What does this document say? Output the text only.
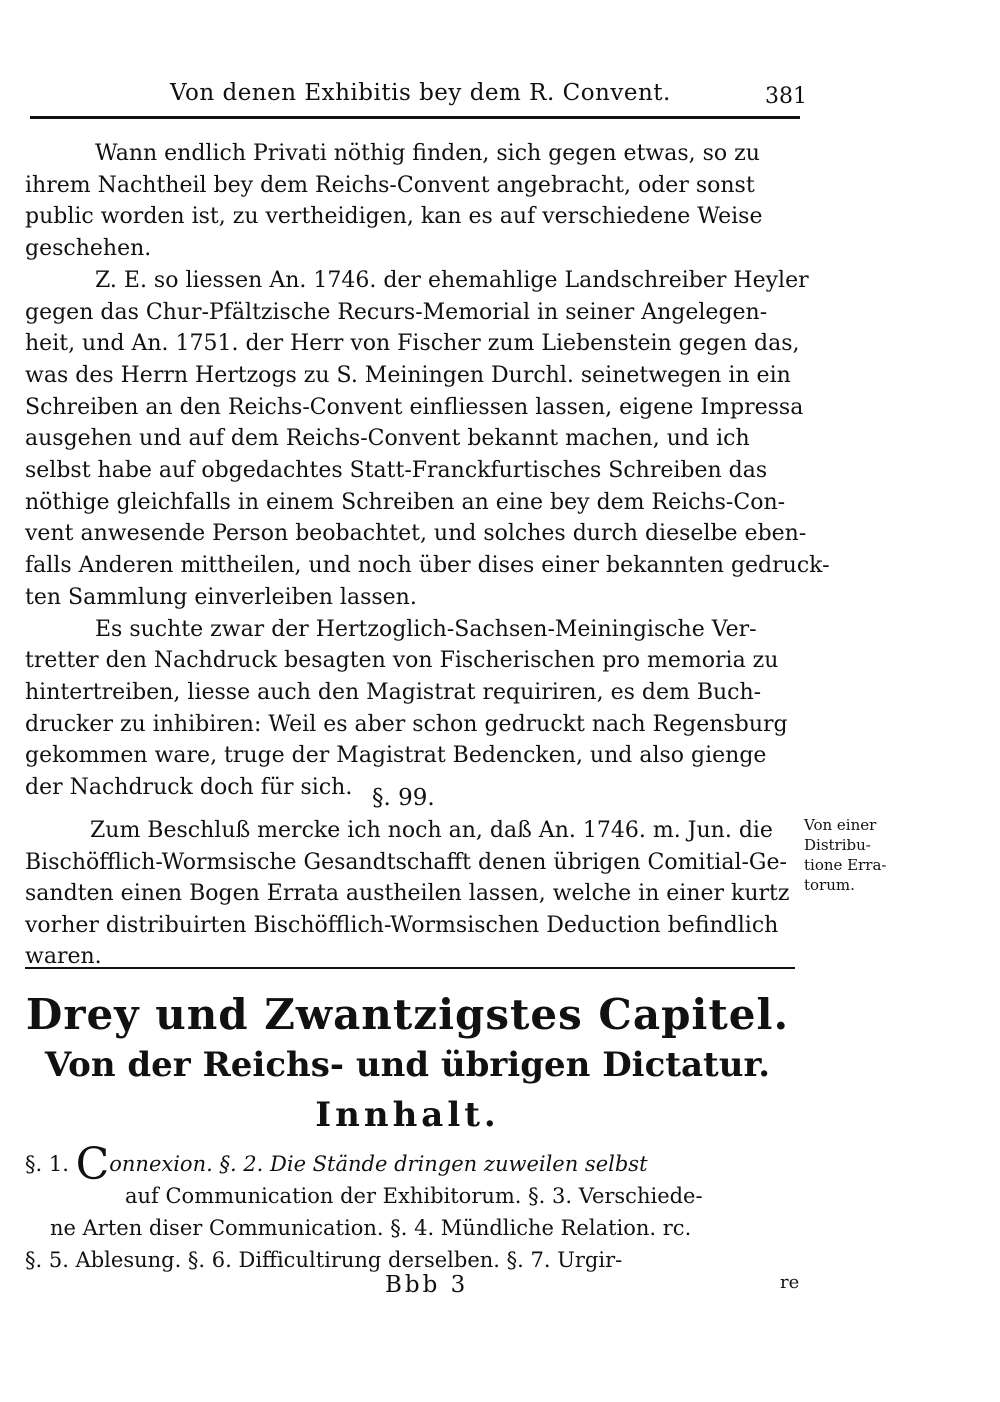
Von denen Exhibitis bey dem R. Convent.	381
Wann endlich Privati nöthig finden, sich gegen etwas, so zu
ihrem Nachtheil bey dem Reichs-Convent angebracht, oder sonst
public worden ist, zu vertheidigen, kan es auf verschiedene Weise
geschehen.
Z. E. so liessen An. 1746. der ehemahlige Landschreiber Heyler
gegen das Chur-Pfältzische Recurs-Memorial in seiner Angelegen-
heit, und An. 1751. der Herr von Fischer zum Liebenstein gegen das,
was des Herrn Hertzogs zu S. Meiningen Durchl. seinetwegen in ein
Schreiben an den Reichs-Convent einfliessen lassen, eigene Impressa
ausgehen und auf dem Reichs-Convent bekannt machen, und ich
selbst habe auf obgedachtes Statt-Franckfurtisches Schreiben das
nöthige gleichfalls in einem Schreiben an eine bey dem Reichs-Con-
vent anwesende Person beobachtet, und solches durch dieselbe eben-
falls Anderen mittheilen, und noch über dises einer bekannten gedruck-
ten Sammlung einverleiben lassen.
Es suchte zwar der Hertzoglich-Sachsen-Meiningische Ver-
tretter den Nachdruck besagten von Fischerischen pro memoria zu
hintertreiben, liesse auch den Magistrat requiriren, es dem Buch-
drucker zu inhibiren: Weil es aber schon gedruckt nach Regensburg
gekommen ware, truge der Magistrat Bedencken, und also gienge
der Nachdruck doch für sich. §. 99.
Zum Beschluß mercke ich noch an, daß An. 1746. m. Jun. die
Bischöfflich-Wormsische Gesandtschafft denen übrigen Comitial-Ge-
sandten einen Bogen Errata austheilen lassen, welche in einer kurtz
vorher distribuirten Bischöfflich-Wormsischen Deduction befindlich
waren.
Von einer
Distribu-
tione Erra-
torum.
Drey und Zwantzigstes Capitel.
Von der Reichs- und übrigen Dictatur.
Innhalt.
§. 1. Connexion. §. 2. Die Stände dringen zuweilen selbst
auf Communication der Exhibitorum. §. 3. Verschiede-
ne Arten diser Communication. §. 4. Mündliche Relation. rc.
§. 5. Ablesung. §. 6. Difficultirung derselben. §. 7. Urgir-
Bbb 3	re
